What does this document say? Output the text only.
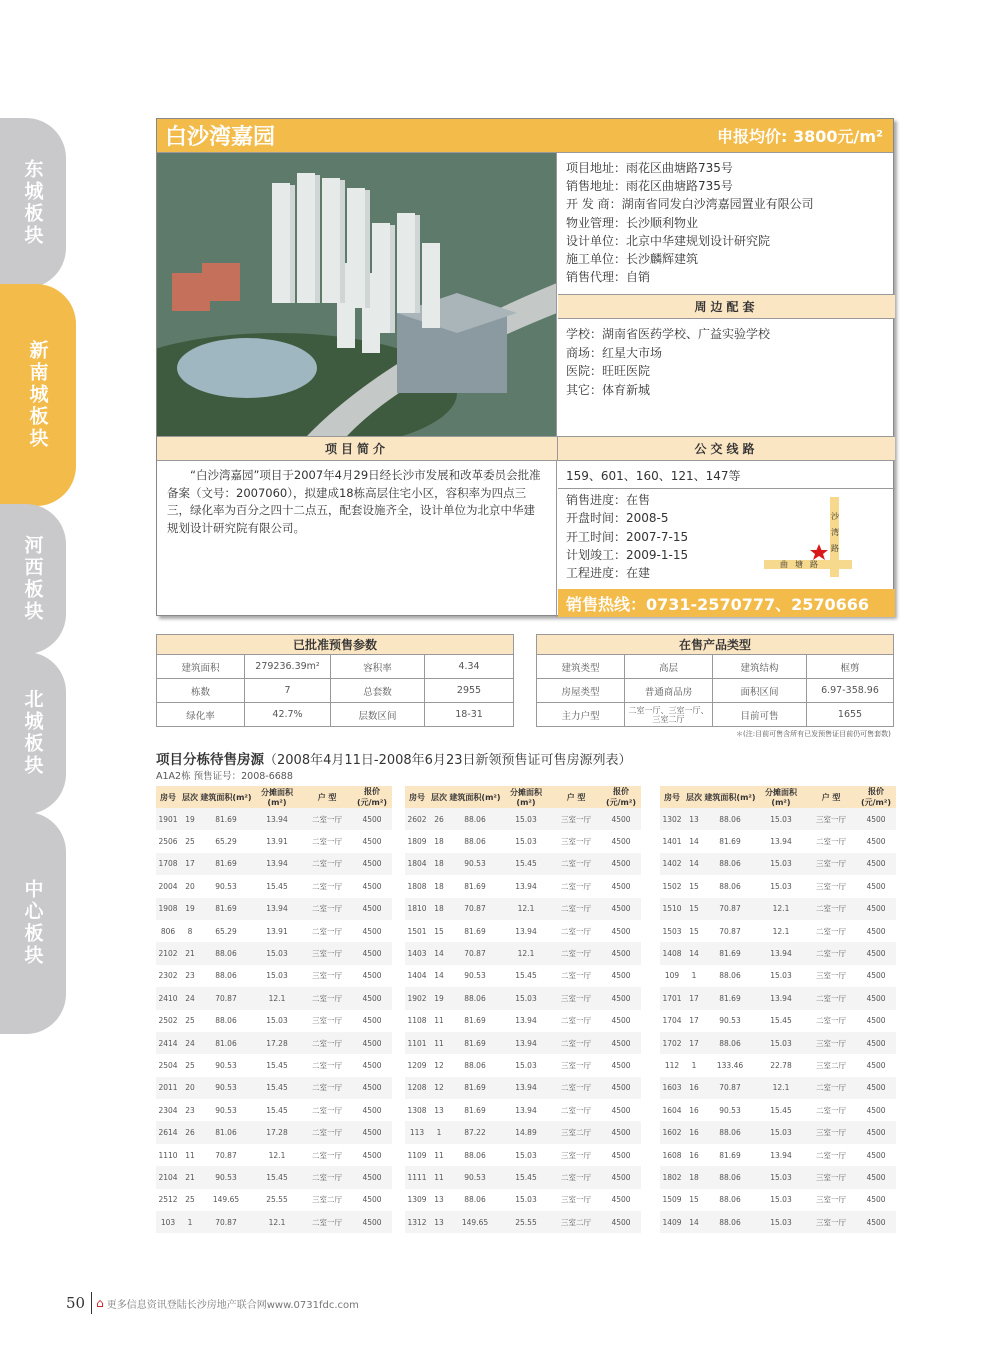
东城板块
新南城板块
河西板块
北城板块
中心板块
白沙湾嘉园	申报均价: 3800元/m²
项目地址：雨花区曲塘路735号
销售地址：雨花区曲塘路735号
开 发 商：湖南省同发白沙湾嘉园置业有限公司
物业管理：长沙顺利物业
设计单位：北京中华建规划设计研究院
施工单位：长沙麟辉建筑
销售代理：自销
周边配套
学校：湖南省医药学校、广益实验学校
商场：红星大市场
医院：旺旺医院
其它：体育新城
项目简介	公交线路
“白沙湾嘉园”项目于2007年4月29日经长沙市发展和改革委员会批准备案（文号：2007060），拟建成18栋高层住宅小区，容积率为四点三三，绿化率为百分之四十二点五，配套设施齐全，设计单位为北京中华建规划设计研究院有限公司。
159、601、160、121、147等
销售进度：在售
开盘时间：2008-5
开工时间：2007-7-15
计划竣工：2009-1-15
工程进度：在建
沙
湾
路
曲 塘 路
销售热线：0731-2570777、2570666
已批准预售参数			
建筑面积	279236.39m²	容积率	4.34
栋数	7	总套数	2955
绿化率	42.7%	层数区间	18-31
在售产品类型			
建筑类型	高层	建筑结构	框剪
房屋类型	普通商品房	面积区间	6.97-358.96
主力户型	二室一厅、三室一厅、三室二厅	目前可售	1655
＊(注:目前可售含所有已发预售证目前仍可售套数)
项目分栋待售房源（2008年4月11日-2008年6月23日新领预售证可售房源列表）
A1A2栋 预售证号：2008-6688
房号	层次	建筑面积(m²)	分摊面积(m²)	户 型	报价(元/m²)
1901	19	81.69	13.94	二室一厅	4500
2506	25	65.29	13.91	二室一厅	4500
1708	17	81.69	13.94	二室一厅	4500
2004	20	90.53	15.45	二室一厅	4500
1908	19	81.69	13.94	二室一厅	4500
806	8	65.29	13.91	二室一厅	4500
2102	21	88.06	15.03	三室一厅	4500
2302	23	88.06	15.03	三室一厅	4500
2410	24	70.87	12.1	二室一厅	4500
2502	25	88.06	15.03	三室一厅	4500
2414	24	81.06	17.28	二室一厅	4500
2504	25	90.53	15.45	二室一厅	4500
2011	20	90.53	15.45	二室一厅	4500
2304	23	90.53	15.45	二室一厅	4500
2614	26	81.06	17.28	二室一厅	4500
1110	11	70.87	12.1	二室一厅	4500
2104	21	90.53	15.45	二室一厅	4500
2512	25	149.65	25.55	三室二厅	4500
103	1	70.87	12.1	二室一厅	4500
房号	层次	建筑面积(m²)	分摊面积(m²)	户 型	报价(元/m²)
2602	26	88.06	15.03	三室一厅	4500
1809	18	88.06	15.03	三室一厅	4500
1804	18	90.53	15.45	二室一厅	4500
1808	18	81.69	13.94	二室一厅	4500
1810	18	70.87	12.1	二室一厅	4500
1501	15	81.69	13.94	二室一厅	4500
1403	14	70.87	12.1	二室一厅	4500
1404	14	90.53	15.45	二室一厅	4500
1902	19	88.06	15.03	三室一厅	4500
1108	11	81.69	13.94	二室一厅	4500
1101	11	81.69	13.94	二室一厅	4500
1209	12	88.06	15.03	三室一厅	4500
1208	12	81.69	13.94	二室一厅	4500
1308	13	81.69	13.94	二室一厅	4500
113	1	87.22	14.89	三室二厅	4500
1109	11	88.06	15.03	三室一厅	4500
1111	11	90.53	15.45	二室一厅	4500
1309	13	88.06	15.03	三室一厅	4500
1312	13	149.65	25.55	三室二厅	4500
房号	层次	建筑面积(m²)	分摊面积(m²)	户 型	报价(元/m²)
1302	13	88.06	15.03	三室一厅	4500
1401	14	81.69	13.94	二室一厅	4500
1402	14	88.06	15.03	三室一厅	4500
1502	15	88.06	15.03	三室一厅	4500
1510	15	70.87	12.1	二室一厅	4500
1503	15	70.87	12.1	二室一厅	4500
1408	14	81.69	13.94	二室一厅	4500
109	1	88.06	15.03	三室一厅	4500
1701	17	81.69	13.94	二室一厅	4500
1704	17	90.53	15.45	二室一厅	4500
1702	17	88.06	15.03	三室一厅	4500
112	1	133.46	22.78	三室二厅	4500
1603	16	70.87	12.1	二室一厅	4500
1604	16	90.53	15.45	二室一厅	4500
1602	16	88.06	15.03	三室一厅	4500
1608	16	81.69	13.94	二室一厅	4500
1802	18	88.06	15.03	三室一厅	4500
1509	15	88.06	15.03	三室一厅	4500
1409	14	88.06	15.03	三室一厅	4500
50 ⌂ 更多信息资讯登陆长沙房地产联合网www.0731fdc.com
